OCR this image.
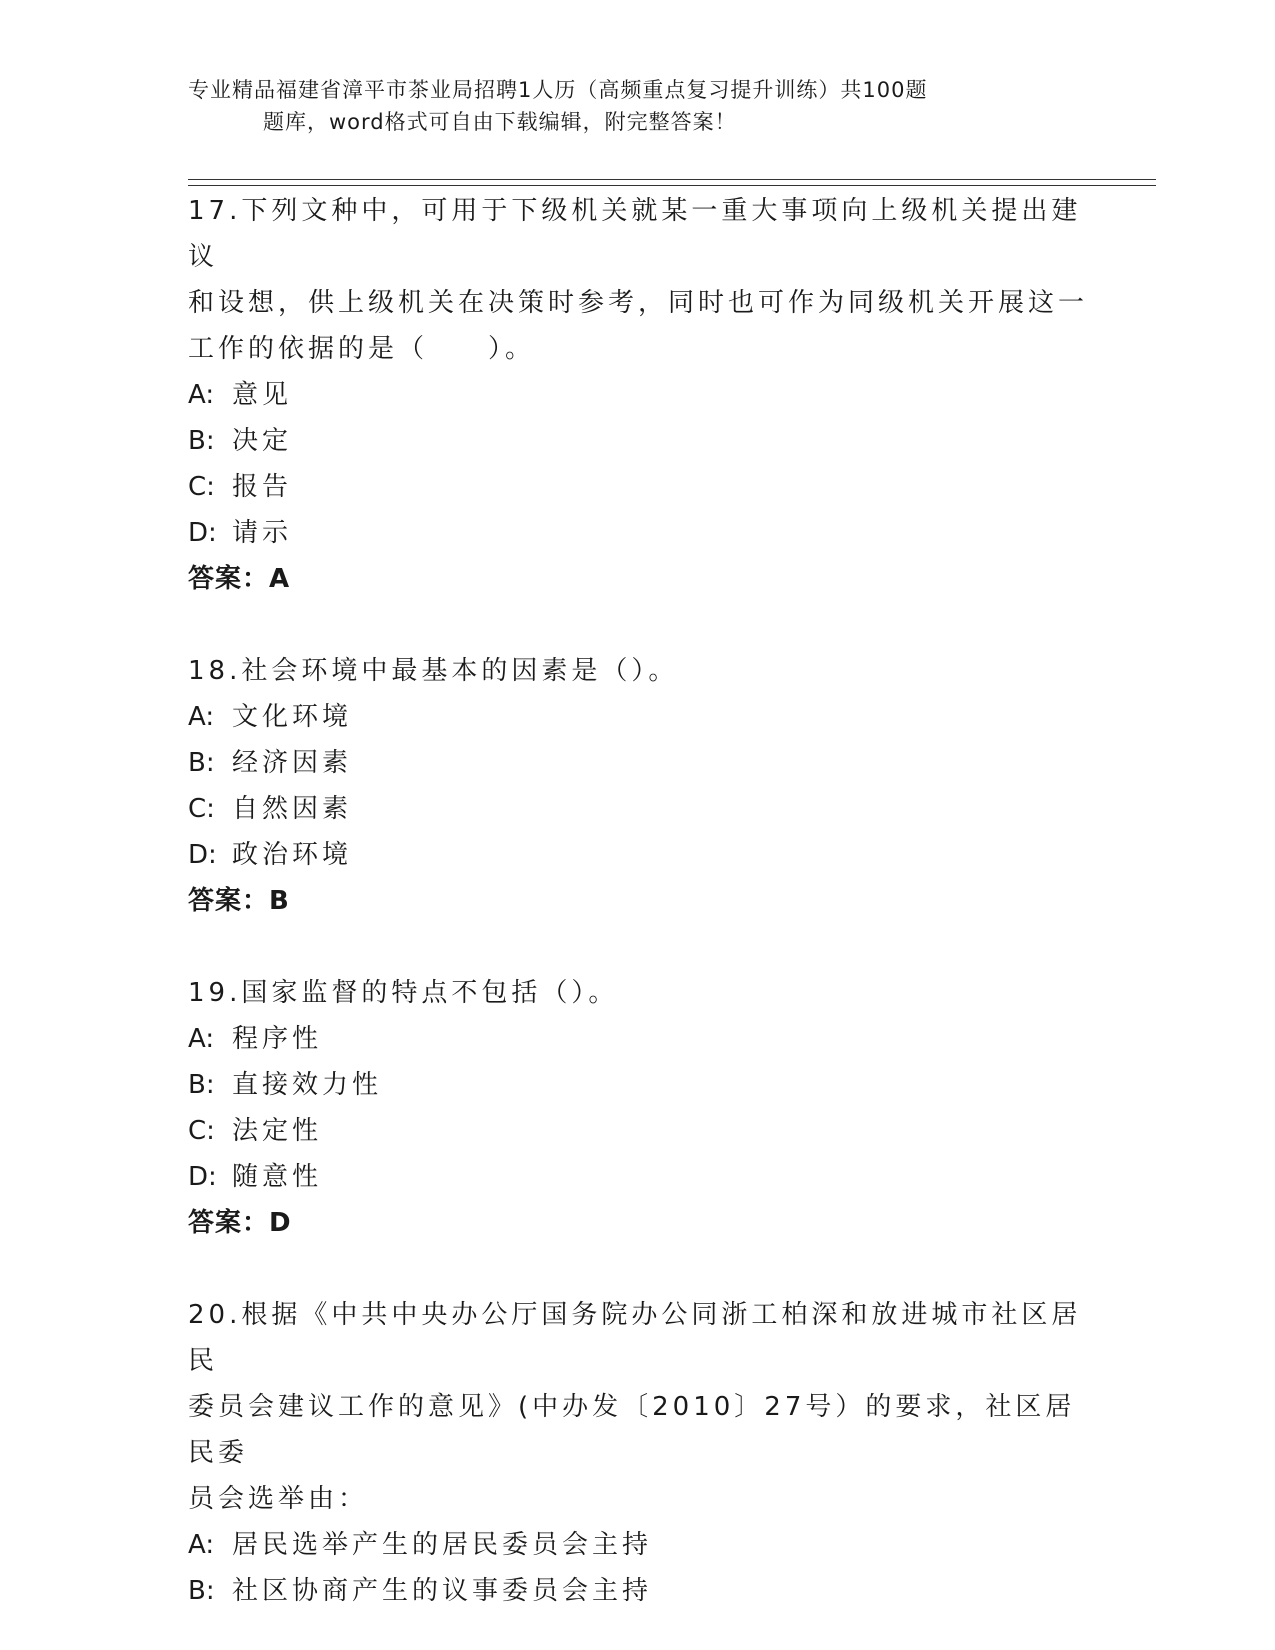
专业精品福建省漳平市茶业局招聘1人历（高频重点复习提升训练）共100题
题库，word格式可自由下载编辑，附完整答案！

17.下列文种中，可用于下级机关就某一重大事项向上级机关提出建议

和设想，供上级机关在决策时参考，同时也可作为同级机关开展这一

工作的依据的是（　　）。

A: 意见

B: 决定

C: 报告

D: 请示

答案：A

18.社会环境中最基本的因素是（）。

A: 文化环境

B: 经济因素

C: 自然因素

D: 政治环境

答案：B

19.国家监督的特点不包括（）。

A: 程序性

B: 直接效力性

C: 法定性

D: 随意性

答案：D

20.根据《中共中央办公厅国务院办公同浙工柏深和放进城市社区居民

委员会建议工作的意见》(中办发〔2010〕27号）的要求，社区居民委

员会选举由：

A: 居民选举产生的居民委员会主持

B: 社区协商产生的议事委员会主持
